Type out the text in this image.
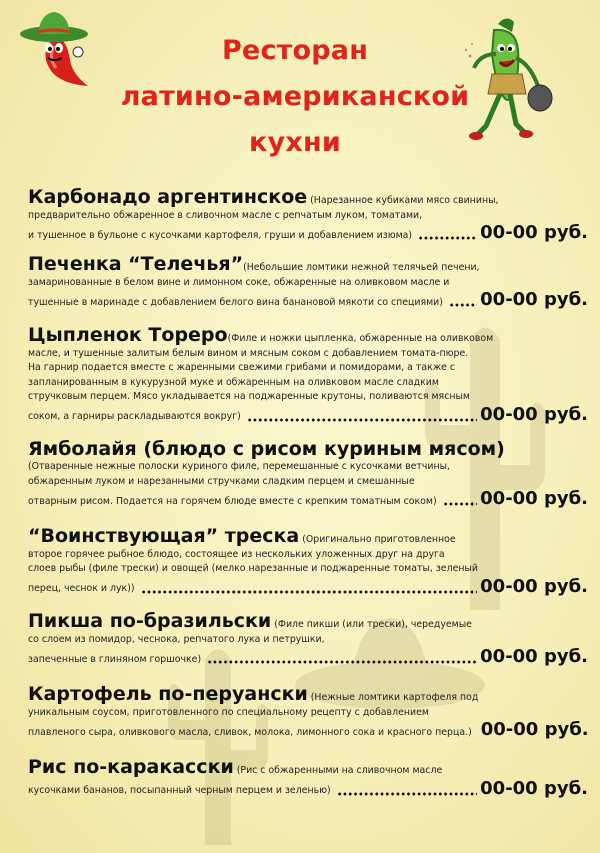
Ресторан
латино-американской
кухни
Карбонадо аргентинское (Нарезанное кубиками мясо свинины,
предварительно обжаренное в сливочном масле с репчатым луком, томатами,
и тушенное в бульоне с кусочками картофеля, груши и добавлением изюма)	00-00 руб.
Печенка “Телечья”(Небольшие ломтики нежной телячьей печени,
замаринованные в белом вине и лимонном соке, обжаренные на оливковом масле и
тушенные в маринаде с добавлением белого вина банановой мякоти со специями) 00-00 руб.
Цыпленок Тореро(Филе и ножки цыпленка, обжаренные на оливковом
масле, и тушенные залитым белым вином и мясным соком с добавлением томата-пюре.
На гарнир подается вместе с жаренными свежими грибами и помидорами, а также с
запланированным в кукурузной муке и обжаренным на оливковом масле сладким
стручковым перцем. Мясо укладывается на поджаренные крутоны, поливаются мясным
соком, а гарниры раскладываются вокруг)	00-00 руб.
Ямболайя (блюдо с рисом куриным мясом)
(Отваренные нежные полоски куриного филе, перемешанные с кусочками ветчины,
обжаренным луком и нарезанными стручками сладким перцем и смешанные
отварным рисом. Подается на горячем блюде вместе с крепким томатным соком) 00-00 руб.
“Воинствующая” треска (Оригинально приготовленное
второе горячее рыбное блюдо, состоящее из нескольких уложенных друг на друга
слоев рыбы (филе трески) и овощей (мелко нарезанные и поджаренные томаты, зеленый
перец, чеснок и лук))	00-00 руб.
Пикша по-бразильски (Филе пикши (или трески), чередуемые
со слоем из помидор, чеснока, репчатого лука и петрушки,
запеченные в глиняном горшочке)	00-00 руб.
Картофель по-перуански (Нежные ломтики картофеля под
уникальным соусом, приготовленного по специальному рецепту с добавлением
плавленого сыра, оливкового масла, сливок, молока, лимонного сока и красного перца.) 00-00 руб.
Рис по-каракасски (Рис с обжаренными на сливочном масле
кусочками бананов, посыпанный черным перцем и зеленью)	00-00 руб.
